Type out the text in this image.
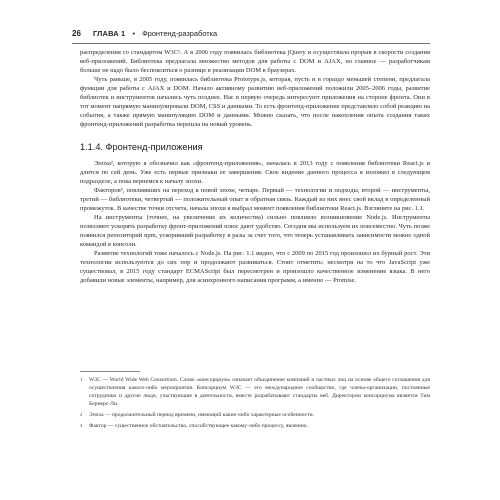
26 ГЛАВА 1 • Фронтенд-разработка

распределения со стандартом W3C¹. А в 2006 году появилась библиотека jQuery и осуществила прорыв в скорости создания веб-приложений. Библиотека предлагала множество методов для работы с DOM и AJAX, но главное — разработчикам больше не надо было беспокоиться о разнице в реализации DOM в браузерах.

Чуть раньше, в 2005 году, появилась библиотека Prototype.js, которая, пусть и в гораздо меньшей степени, предлагала функции для работы с AJAX и DOM. Начало активному развитию веб-приложений положили 2005–2006 годы, развитие библиотек и инструментов начались чуть позднее. Нас в первую очередь интересуют приложения на стороне фронта. Они в тот момент напрямую манипулировали DOM, CSS и данными. То есть фронтенд-приложение представляло собой реакцию на события, а также прямую манипуляцию DOM и данными. Можно сказать, что после накопления опыта создания таких фронтенд-приложений разработка перешла на новый уровень.

1.1.4. Фронтенд-приложения

Эпоха², которую я обозначил как «фронтенд-приложения», началась в 2013 году с появления библиотеки React.js и длится по сей день. Уже есть первые признаки ее завершения. Свое видение данного процесса я изложил в следующем подразделе, а пока вернемся к началу эпохи.

Факторов³, повлиявших на переход к новой эпохе, четыре. Первый — технологии и подходы, второй — инструменты, третий — библиотеки, четвертый — положительный опыт и обратная связь. Каждый из них внес свой вклад в определенный промежуток. В качестве точки отсчета, начала эпохи я выбрал момент появления библиотеки React.js. Взгляните на рис. 1.1.

На инструменты (точнее, на увеличение их количества) сильно повлияло возникновение Node.js. Инструменты позволяют ускорять разработку фронт-приложений плюс дают удобство. Сегодня мы используем их повсеместно. Чуть позже появился репозиторий npm, ускоривший разработку в разы за счет того, что теперь устанавливать зависимости можно одной командой в консоли.

Развитие технологий тоже началось с Node.js. На рис. 1.1 видно, что с 2009 по 2015 год произошел их бурный рост. Эти технологии используются до сих пор и продолжают развиваться. Стоит отметить: несмотря на то что JavaScript уже существовал, в 2015 году стандарт ECMAScript был пересмотрен и произошло качественное изменение языка. В него добавили новые элементы, например, для асинхронного написания программ, а именно — Promise.

1	W3C — World Wide Web Consortium. Слово «консорциум» означает объединение компаний и частных лиц на основе общего соглашения для осуществления какого-либо мероприятия. Консорциум W3C — это международное сообщество, где члены-организации, постоянные сотрудники и другие люди, участвующие в деятельности, вместе разрабатывают стандарты веб. Директором консорциума является Тим Бернерс-Ли.
2	Эпоха — продолжительный период времени, имеющий какие-либо характерные особенности.
3	Фактор — существенное обстоятельство, способствующее какому-либо процессу, явлению.
